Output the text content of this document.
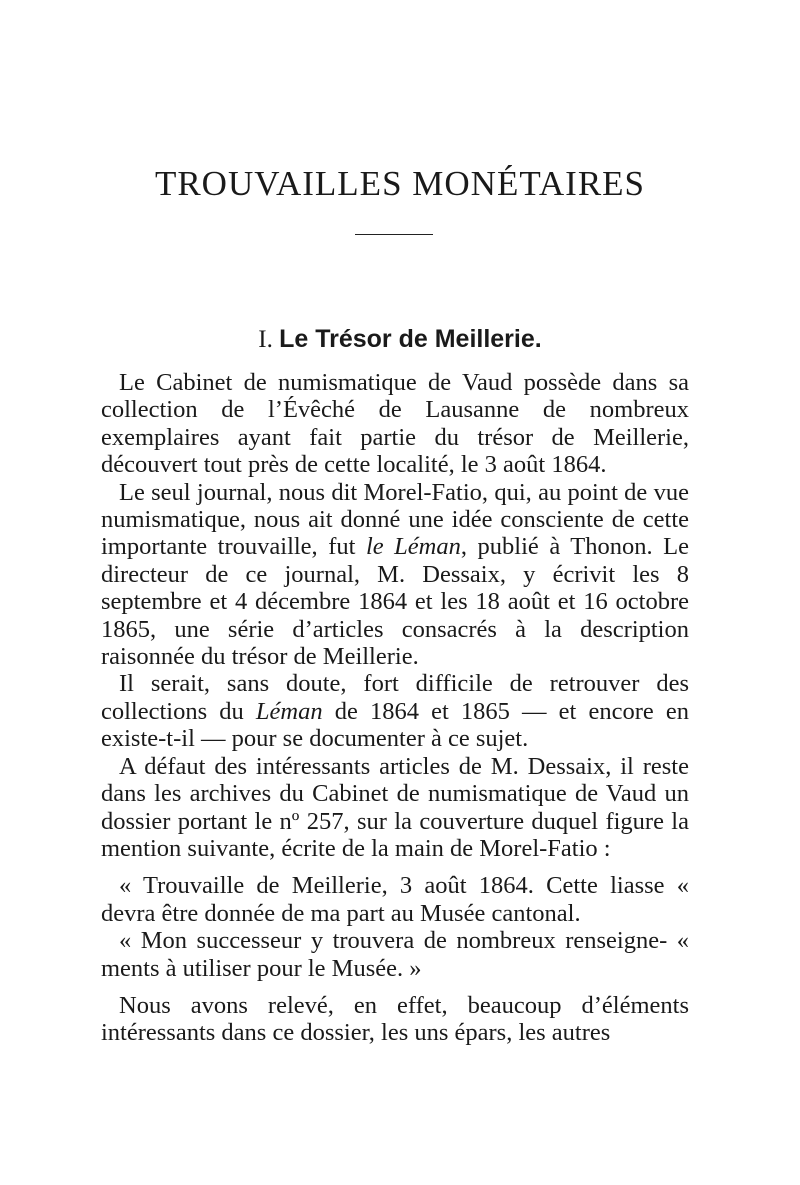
TROUVAILLES MONÉTAIRES
I. Le Trésor de Meillerie.

Le Cabinet de numismatique de Vaud possède dans sa collection de l’Évêché de Lausanne de nombreux exemplaires ayant fait partie du trésor de Meillerie, découvert tout près de cette localité, le 3 août 1864.

Le seul journal, nous dit Morel-Fatio, qui, au point de vue numismatique, nous ait donné une idée consciente de cette importante trouvaille, fut le Léman, publié à Thonon. Le directeur de ce journal, M. Dessaix, y écrivit les 8 septembre et 4 décembre 1864 et les 18 août et 16 octobre 1865, une série d’articles consacrés à la description raisonnée du trésor de Meillerie.

Il serait, sans doute, fort difficile de retrouver des collections du Léman de 1864 et 1865 — et encore en existe-t-il — pour se documenter à ce sujet.

A défaut des intéressants articles de M. Dessaix, il reste dans les archives du Cabinet de numismatique de Vaud un dossier portant le nº 257, sur la couverture duquel figure la mention suivante, écrite de la main de Morel-Fatio :

« Trouvaille de Meillerie, 3 août 1864. Cette liasse « devra être donnée de ma part au Musée cantonal.

« Mon successeur y trouvera de nombreux renseigne- « ments à utiliser pour le Musée. »

Nous avons relevé, en effet, beaucoup d’éléments intéressants dans ce dossier, les uns épars, les autres
